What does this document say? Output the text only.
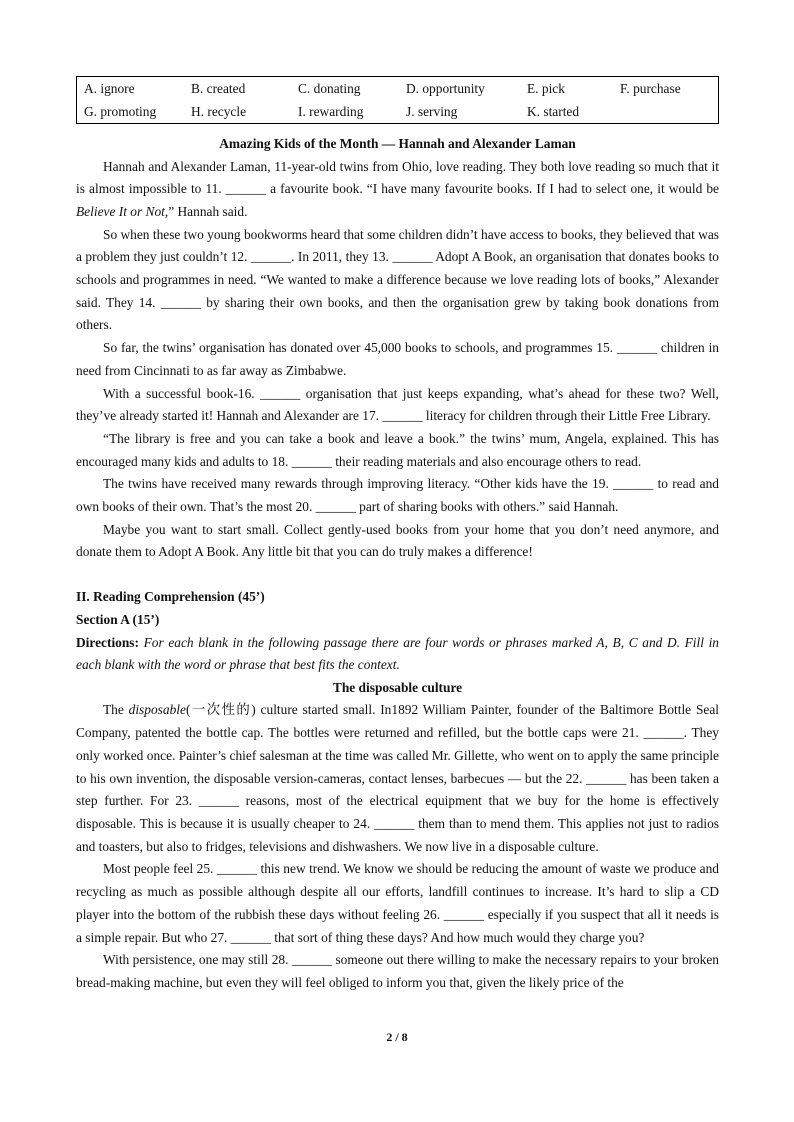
A. ignore	B. created	C. donating	D. opportunity	E. pick	F. purchase
G. promoting	H. recycle	I. rewarding	J. serving	K. started	

Amazing Kids of the Month — Hannah and Alexander Laman

Hannah and Alexander Laman, 11-year-old twins from Ohio, love reading. They both love reading so much that it is almost impossible to 11. ______ a favourite book. “I have many favourite books. If I had to select one, it would be Believe It or Not,” Hannah said.

So when these two young bookworms heard that some children didn’t have access to books, they believed that was a problem they just couldn’t 12. ______. In 2011, they 13. ______ Adopt A Book, an organisation that donates books to schools and programmes in need. “We wanted to make a difference because we love reading lots of books,” Alexander said. They 14. ______ by sharing their own books, and then the organisation grew by taking book donations from others.

So far, the twins’ organisation has donated over 45,000 books to schools, and programmes 15. ______ children in need from Cincinnati to as far away as Zimbabwe.

With a successful book-16. ______ organisation that just keeps expanding, what’s ahead for these two? Well, they’ve already started it! Hannah and Alexander are 17. ______ literacy for children through their Little Free Library.

“The library is free and you can take a book and leave a book.” the twins’ mum, Angela, explained. This has encouraged many kids and adults to 18. ______ their reading materials and also encourage others to read.

The twins have received many rewards through improving literacy. “Other kids have the 19. ______ to read and own books of their own. That’s the most 20. ______ part of sharing books with others.” said Hannah.

Maybe you want to start small. Collect gently-used books from your home that you don’t need anymore, and donate them to Adopt A Book. Any little bit that you can do truly makes a difference!

II. Reading Comprehension (45’)

Section A (15’)

Directions: For each blank in the following passage there are four words or phrases marked A, B, C and D. Fill in each blank with the word or phrase that best fits the context.

The disposable culture

The disposable(一次性的) culture started small. In1892 William Painter, founder of the Baltimore Bottle Seal Company, patented the bottle cap. The bottles were returned and refilled, but the bottle caps were 21. ______. They only worked once. Painter’s chief salesman at the time was called Mr. Gillette, who went on to apply the same principle to his own invention, the disposable version-cameras, contact lenses, barbecues — but the 22. ______ has been taken a step further. For 23. ______ reasons, most of the electrical equipment that we buy for the home is effectively disposable. This is because it is usually cheaper to 24. ______ them than to mend them. This applies not just to radios and toasters, but also to fridges, televisions and dishwashers. We now live in a disposable culture.

Most people feel 25. ______ this new trend. We know we should be reducing the amount of waste we produce and recycling as much as possible although despite all our efforts, landfill continues to increase. It’s hard to slip a CD player into the bottom of the rubbish these days without feeling 26. ______ especially if you suspect that all it needs is a simple repair. But who 27. ______ that sort of thing these days? And how much would they charge you?

With persistence, one may still 28. ______ someone out there willing to make the necessary repairs to your broken bread-making machine, but even they will feel obliged to inform you that, given the likely price of the

2 / 8
